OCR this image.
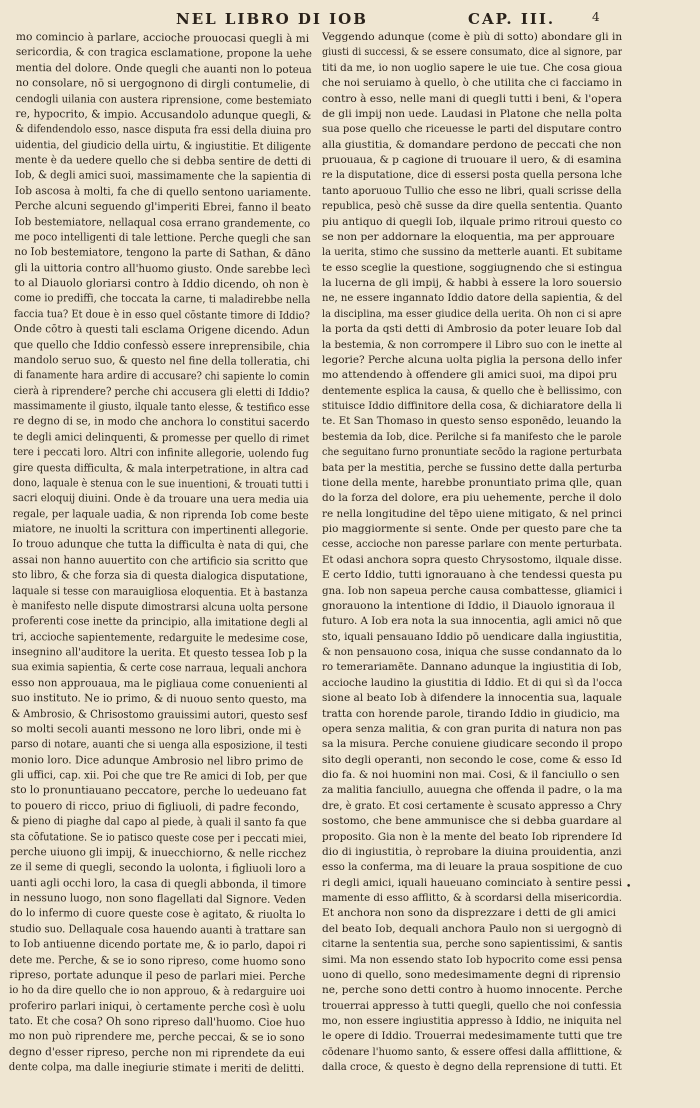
NEL LIBRO DI IOB	CAP. III.	4
mo comincio à parlare, accioche prouocasi quegli à mi
sericordia, & con tragica esclamatione, propone la uehe
mentia del dolore. Onde quegli che auanti non lo poteua
no consolare, nō si uergognono di dirgli contumelie, di
cendogli uilania con austera riprensione, come bestemiato
re, hypocrito, & impio. Accusandolo adunque quegli, &
& difendendolo esso, nasce disputa fra essi della diuina pro
uidentia, del giudicio della uirtu, & ingiustitie. Et diligente
mente è da uedere quello che si debba sentire de detti di
Iob, & degli amici suoi, massimamente che la sapientia di
Iob ascosa à molti, fa che di quello sentono uariamente.
Perche alcuni seguendo gl'imperiti Ebrei, fanno il beato
Iob bestemiatore, nellaqual cosa errano grandemente, co
me poco intelligenti di tale lettione. Perche quegli che san
no Iob bestemiatore, tengono la parte di Sathan, & dāno
gli la uittoria contro all'huomo giusto. Onde sarebbe lecì
to al Diauolo gloriarsi contro à Iddio dicendo, oh non è
come io prediffi, che toccata la carne, ti maladirebbe nella
faccia tua? Et doue è in esso quel cōstante timore di Iddio?
Onde cōtro à questi tali esclama Origene dicendo. Adun
que quello che Iddio confessò essere inreprensibile, chia
mandolo seruo suo, & questo nel fine della tolleratia, chi
di fanamente hara ardire di accusare? chi sapiente lo comin
cierà à riprendere? perche chi accusera gli eletti di Iddio?
massimamente il giusto, ilquale tanto elesse, & testifico esse
re degno di se, in modo che anchora lo constitui sacerdo
te degli amici delinquenti, & promesse per quello di rimet
tere i peccati loro. Altri con infinite allegorie, uolendo fug
gire questa difficulta, & mala interpetratione, in altra cad
dono, laquale è stenua con le sue inuentioni, & trouati tutti i
sacri eloquij diuini. Onde è da trouare una uera media uia
regale, per laquale uadia, & non riprenda Iob come beste
miatore, ne inuolti la scrittura con impertinenti allegorie.
Io trouo adunque che tutta la difficulta è nata di qui, che
assai non hanno auuertito con che artificio sia scritto que
sto libro, & che forza sia di questa dialogica disputatione,
laquale si tesse con marauigliosa eloquentia. Et à bastanza
è manifesto nelle dispute dimostrarsi alcuna uolta persone
proferenti cose inette da principio, alla imitatione degli al
tri, accioche sapientemente, redarguite le medesime cose,
insegnino all'auditore la uerita. Et questo tessea Iob p la
sua eximia sapientia, & certe cose narraua, lequali anchora
esso non approuaua, ma le pigliaua come conuenienti al
suo instituto. Ne io primo, & di nuouo sento questo, ma
& Ambrosio, & Chrisostomo grauissimi autori, questo sesf
so molti secoli auanti messono ne loro libri, onde mi è
parso di notare, auanti che si uenga alla esposizione, il testi
monio loro. Dice adunque Ambrosio nel libro primo de
gli uffici, cap. xii. Poi che que tre Re amici di Iob, per que
sto lo pronuntiauano peccatore, perche lo uedeuano fat
to pouero di ricco, priuo di figliuoli, di padre fecondo,
& pieno di piaghe dal capo al piede, à quali il santo fa que
sta cōfutatione. Se io patisco queste cose per i peccati miei,
perche uiuono gli impij, & inuecchiorno, & nelle ricchez
ze il seme di quegli, secondo la uolonta, i figliuoli loro a
uanti agli occhi loro, la casa di quegli abbonda, il timore
in nessuno luogo, non sono flagellati dal Signore. Veden
do lo infermo di cuore queste cose è agitato, & riuolta lo
studio suo. Dellaquale cosa hauendo auanti à trattare san
to Iob antiuenne dicendo portate me, & io parlo, dapoi ri
dete me. Perche, & se io sono ripreso, come huomo sono
ripreso, portate adunque il peso de parlari miei. Perche
io ho da dire quello che io non approuo, & à redarguire uoi
proferiro parlari iniqui, ò certamente perche così è uolu
tato. Et che cosa? Oh sono ripreso dall'huomo. Cioe huo
mo non può riprendere me, perche peccai, & se io sono
degno d'esser ripreso, perche non mi riprendete da eui
dente colpa, ma dalle inegiurie stimate i meriti de delitti.
Veggendo adunque (come è più di sotto) abondare gli in
giusti di successi, & se essere consumato, dice al signore, par
titi da me, io non uoglio sapere le uie tue. Che cosa gioua
che noi seruiamo à quello, ò che utilita che ci facciamo in
contro à esso, nelle mani di quegli tutti i beni, & l'opera
de gli impij non uede. Laudasi in Platone che nella polta
sua pose quello che riceuesse le parti del disputare contro
alla giustitia, & domandare perdono de peccati che non
pruouaua, & p cagione di truouare il uero, & di esamina
re la disputatione, dice di essersi posta quella persona lche
tanto aporuouo Tullio che esso ne libri, quali scrisse della
republica, pesò chē susse da dire quella sententia. Quanto
piu antiquo di quegli Iob, ilquale primo ritroui questo co
se non per addornare la eloquentia, ma per approuare
la uerita, stimo che sussino da metterle auanti. Et subitame
te esso sceglie la questione, soggiugnendo che si estingua
la lucerna de gli impij, & habbi à essere la loro souersio
ne, ne essere ingannato Iddio datore della sapientia, & del
la disciplina, ma esser giudice della uerita. Oh non ci si apre
la porta da qsti detti di Ambrosio da poter leuare Iob dal
la bestemia, & non corrompere il Libro suo con le inette al
legorie? Perche alcuna uolta piglia la persona dello infer
mo attendendo à offendere gli amici suoi, ma dipoi pru
dentemente esplica la causa, & quello che è bellissimo, con
stituisce Iddio diffinitore della cosa, & dichiaratore della li
te. Et San Thomaso in questo senso esponēdo, leuando la
bestemia da Iob, dice. Perilche si fa manifesto che le parole
che seguitano furno pronuntiate secōdo la ragione perturbata
bata per la mestitia, perche se fussino dette dalla perturba
tione della mente, harebbe pronuntiato prima qlle, quan
do la forza del dolore, era piu uehemente, perche il dolo
re nella longitudine del tēpo uiene mitigato, & nel princi
pio maggiormente si sente. Onde per questo pare che ta
cesse, accioche non paresse parlare con mente perturbata.
Et odasi anchora sopra questo Chrysostomo, ilquale disse.
E certo Iddio, tutti ignorauano à che tendessi questa pu
gna. Iob non sapeua perche causa combattesse, gliamici i
gnorauono la intentione di Iddio, il Diauolo ignoraua il
futuro. A Iob era nota la sua innocentia, agli amici nō que
sto, iquali pensauano Iddio pō uendicare dalla ingiustitia,
& non pensauono cosa, iniqua che susse condannato da lo
ro temerariamēte. Dannano adunque la ingiustitia di Iob,
accioche laudino la giustitia di Iddio. Et di qui sì da l'occa
sione al beato Iob à difendere la innocentia sua, laquale
tratta con horende parole, tirando Iddio in giudicio, ma
opera senza malitia, & con gran purita di natura non pas
sa la misura. Perche conuiene giudicare secondo il propo
sito degli operanti, non secondo le cose, come & esso Id
dio fa. & noi huomini non mai. Cosi, & il fanciullo o sen
za malitia fanciullo, auuegna che offenda il padre, o la ma
dre, è grato. Et cosi certamente è scusato appresso a Chry
sostomo, che bene ammunisce che si debba guardare al
proposito. Gia non è la mente del beato Iob riprendere Id
dio di ingiustitia, ò reprobare la diuina prouidentia, anzi
esso la conferma, ma di leuare la praua sospitione de cuo
ri degli amici, iquali haueuano cominciato à sentire pessi
mamente di esso afflitto, & à scordarsi della misericordia.
Et anchora non sono da disprezzare i detti de gli amici
del beato Iob, dequali anchora Paulo non si uergognò di
citarne la sententia sua, perche sono sapientissimi, & santis
simi. Ma non essendo stato Iob hypocrito come essi pensa
uono di quello, sono medesimamente degni di riprensio
ne, perche sono detti contro à huomo innocente. Perche
trouerrai appresso à tutti quegli, quello che noi confessia
mo, non essere ingiustitia appresso à Iddio, ne iniquita nel
le opere di Iddio. Trouerrai medesimamente tutti que tre
cōdenare l'huomo santo, & essere offesi dalla afflittione, &
dalla croce, & questo è degno della reprensione di tutti. Et
•
